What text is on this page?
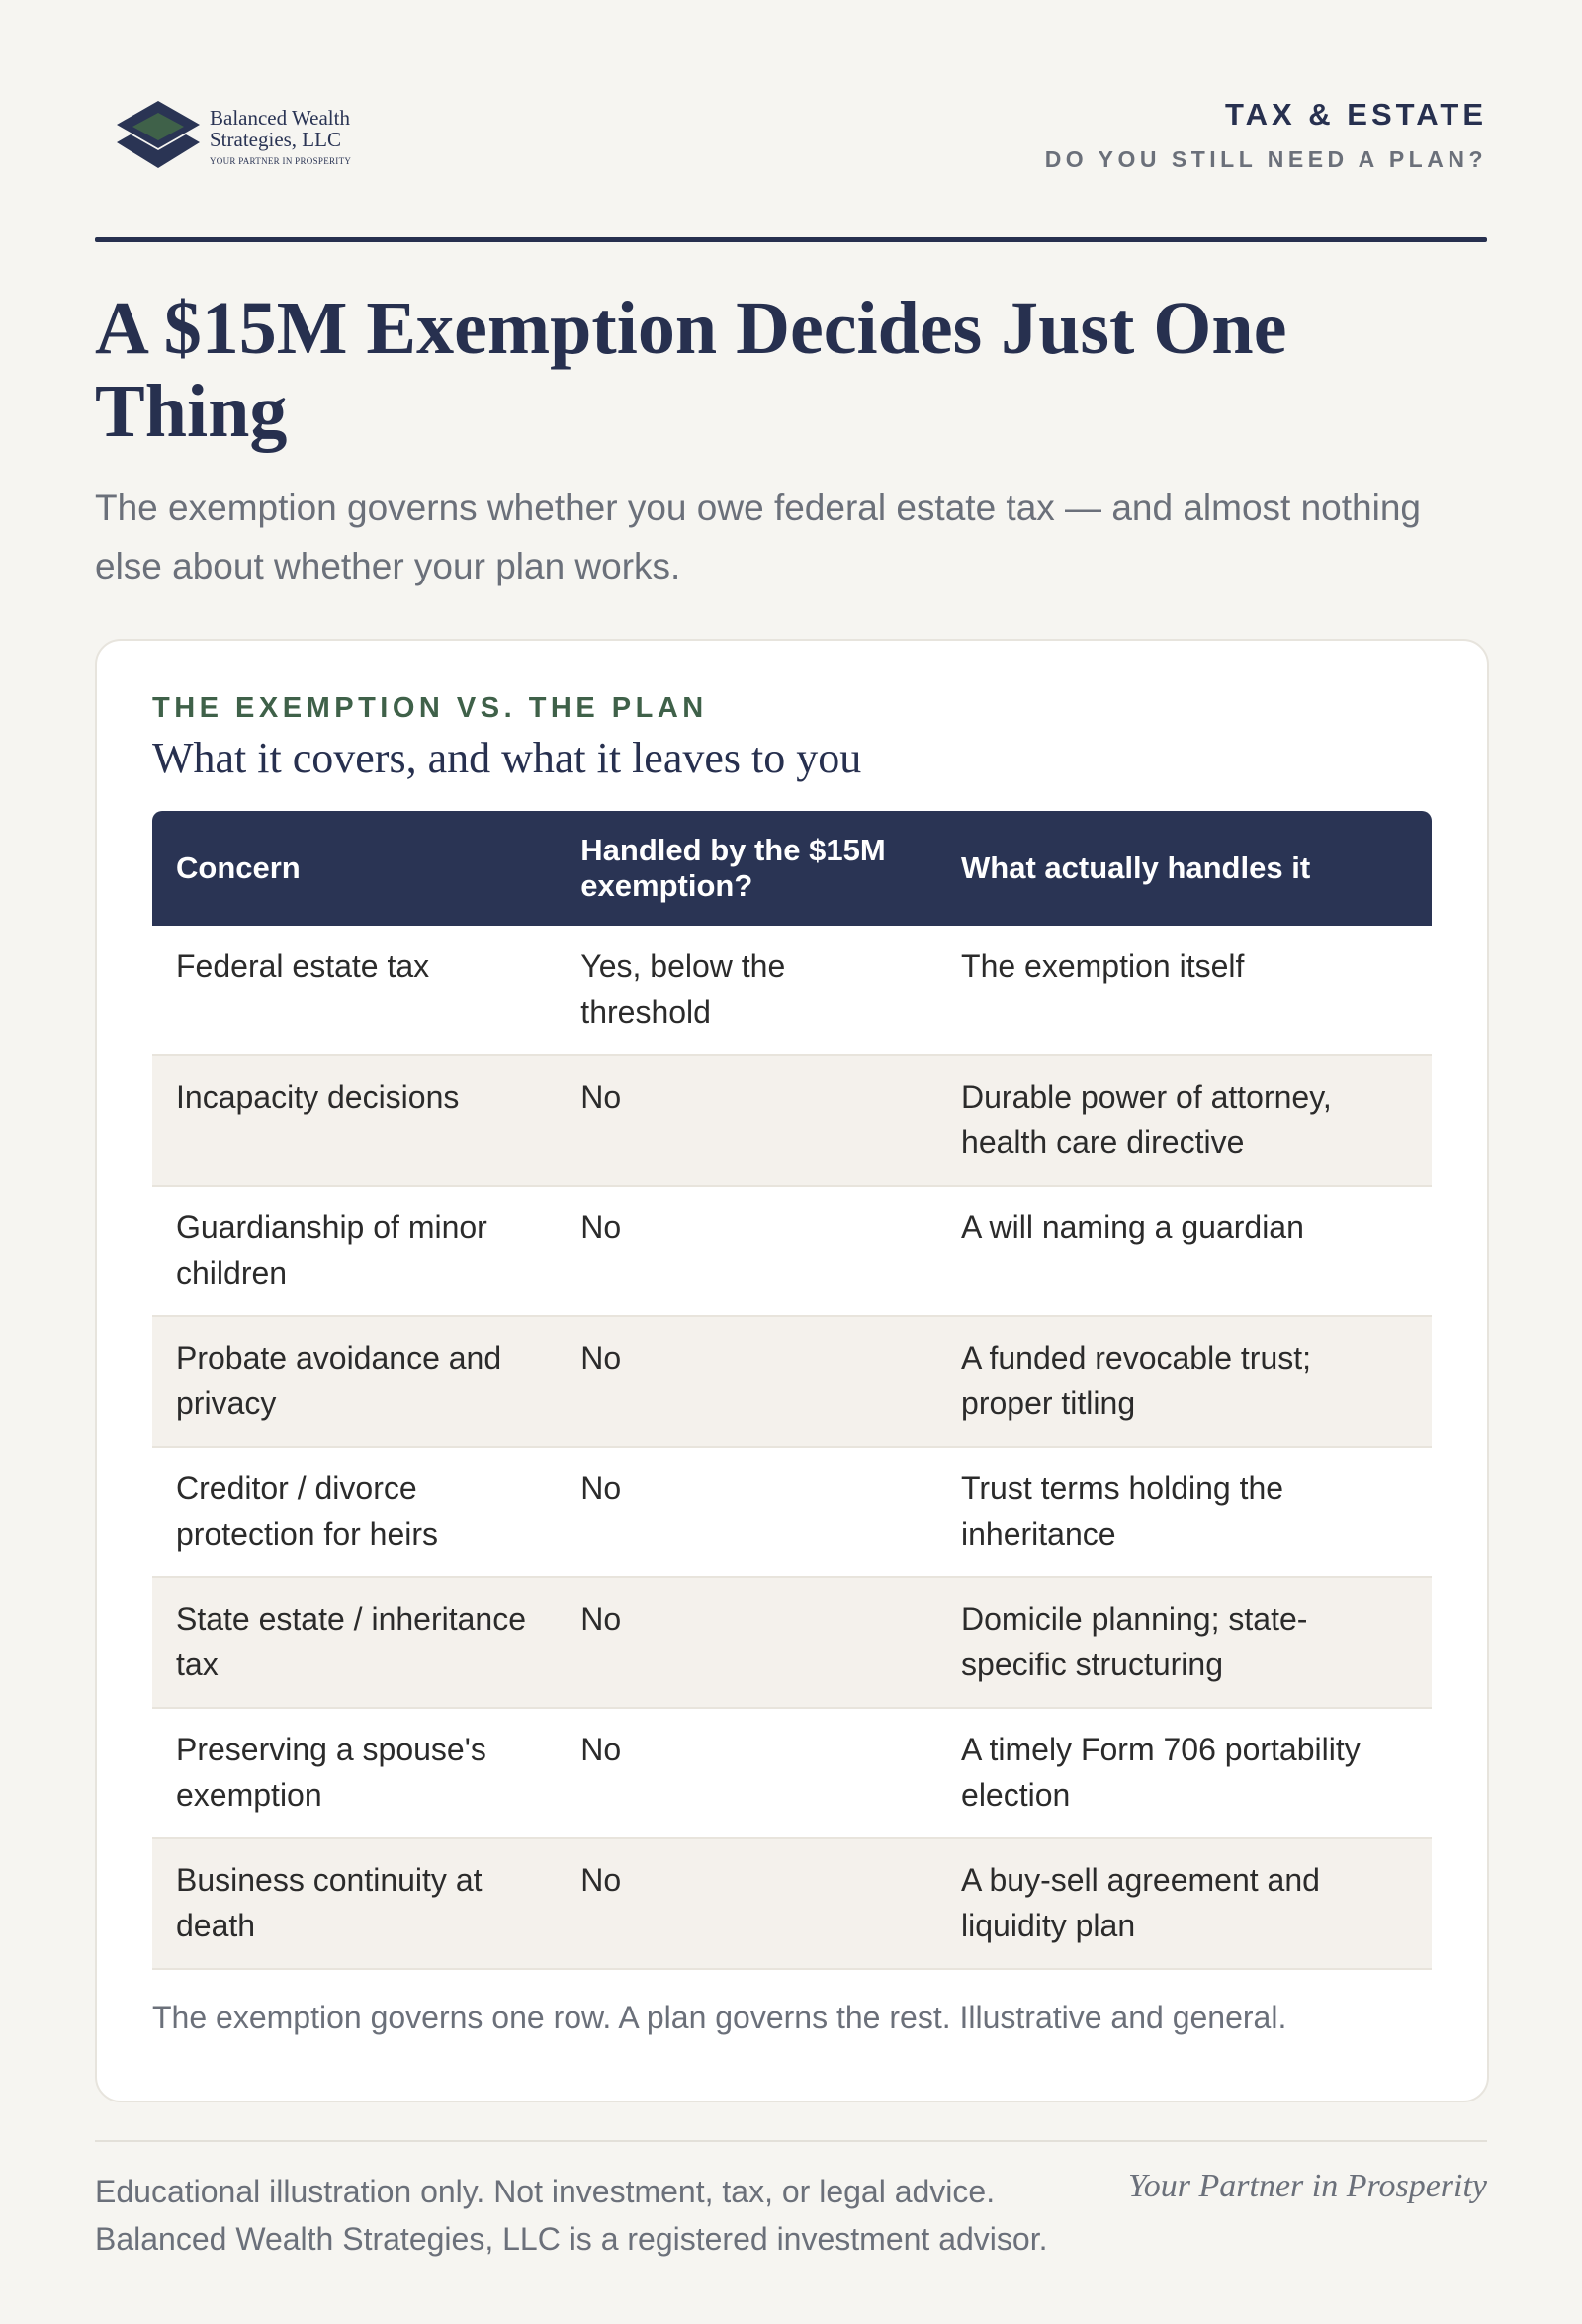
Balanced Wealth
Strategies, LLC
YOUR PARTNER IN PROSPERITY
TAX & ESTATE
DO YOU STILL NEED A PLAN?
A $15M Exemption Decides Just One Thing
The exemption governs whether you owe federal estate tax — and almost nothing else about whether your plan works.
THE EXEMPTION VS. THE PLAN
What it covers, and what it leaves to you
Concern	Handled by the $15M exemption?	What actually handles it
Federal estate tax	Yes, below the threshold	The exemption itself
Incapacity decisions	No	Durable power of attorney, health care directive
Guardianship of minor children	No	A will naming a guardian
Probate avoidance and privacy	No	A funded revocable trust; proper titling
Creditor / divorce protection for heirs	No	Trust terms holding the inheritance
State estate / inheritance tax	No	Domicile planning; state-specific structuring
Preserving a spouse's exemption	No	A timely Form 706 portability election
Business continuity at death	No	A buy-sell agreement and liquidity plan
The exemption governs one row. A plan governs the rest. Illustrative and general.
Educational illustration only. Not investment, tax, or legal advice.
Balanced Wealth Strategies, LLC is a registered investment advisor.
Your Partner in Prosperity
